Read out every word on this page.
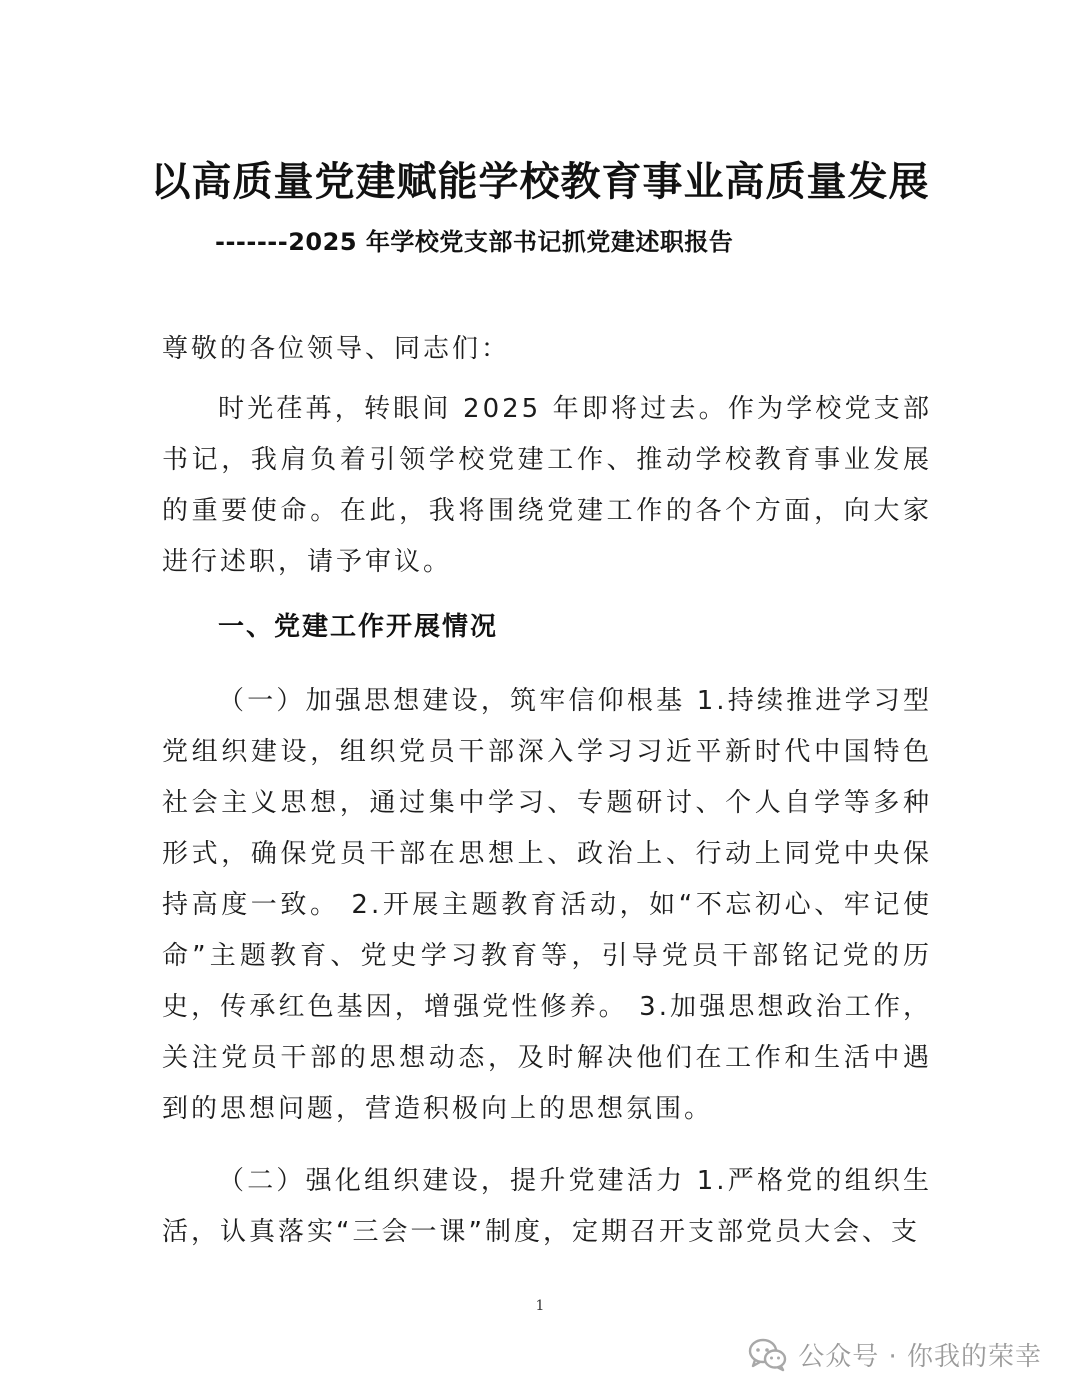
以高质量党建赋能学校教育事业高质量发展
-------2025 年学校党支部书记抓党建述职报告
尊敬的各位领导、同志们：
时光荏苒，转眼间 2025 年即将过去。作为学校党支部书记，我肩负着引领学校党建工作、推动学校教育事业发展的重要使命。在此，我将围绕党建工作的各个方面，向大家进行述职，请予审议。
一、党建工作开展情况
（一）加强思想建设，筑牢信仰根基 1.持续推进学习型党组织建设，组织党员干部深入学习习近平新时代中国特色社会主义思想，通过集中学习、专题研讨、个人自学等多种形式，确保党员干部在思想上、政治上、行动上同党中央保持高度一致。 2.开展主题教育活动，如“不忘初心、牢记使命”主题教育、党史学习教育等，引导党员干部铭记党的历史，传承红色基因，增强党性修养。 3.加强思想政治工作，关注党员干部的思想动态，及时解决他们在工作和生活中遇到的思想问题，营造积极向上的思想氛围。
（二）强化组织建设，提升党建活力 1.严格党的组织生活，认真落实“三会一课”制度，定期召开支部党员大会、支
1
公众号 · 你我的荣幸
